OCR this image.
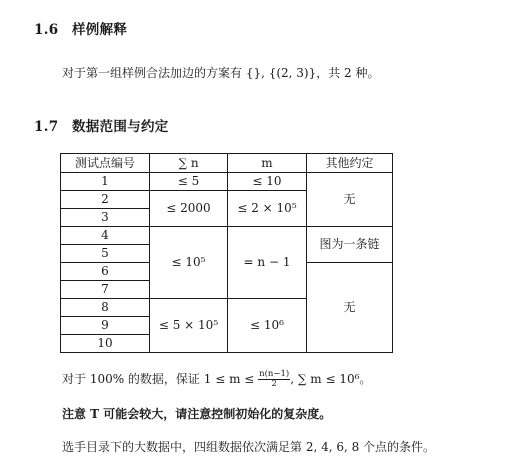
1.6 样例解释
对于第一组样例合法加边的方案有 {}, {(2, 3)}，共 2 种。
1.7 数据范围与约定
测试点编号	∑ n	m	其他约定
1	≤ 5	≤ 10	无
2	≤ 2000	≤ 2 × 10⁵	
3			
4	≤ 10⁵	= n − 1	图为一条链
5			
6			无
7			
8	≤ 5 × 10⁵	≤ 10⁶	
9			
10			
对于 100% 的数据，保证 $1 \le m \le \frac{n(n-1)}{2}$ , ∑ m ≤ 10⁶。
注意 T 可能会较大，请注意控制初始化的复杂度。
选手目录下的大数据中，四组数据依次满足第 2, 4, 6, 8 个点的条件。
